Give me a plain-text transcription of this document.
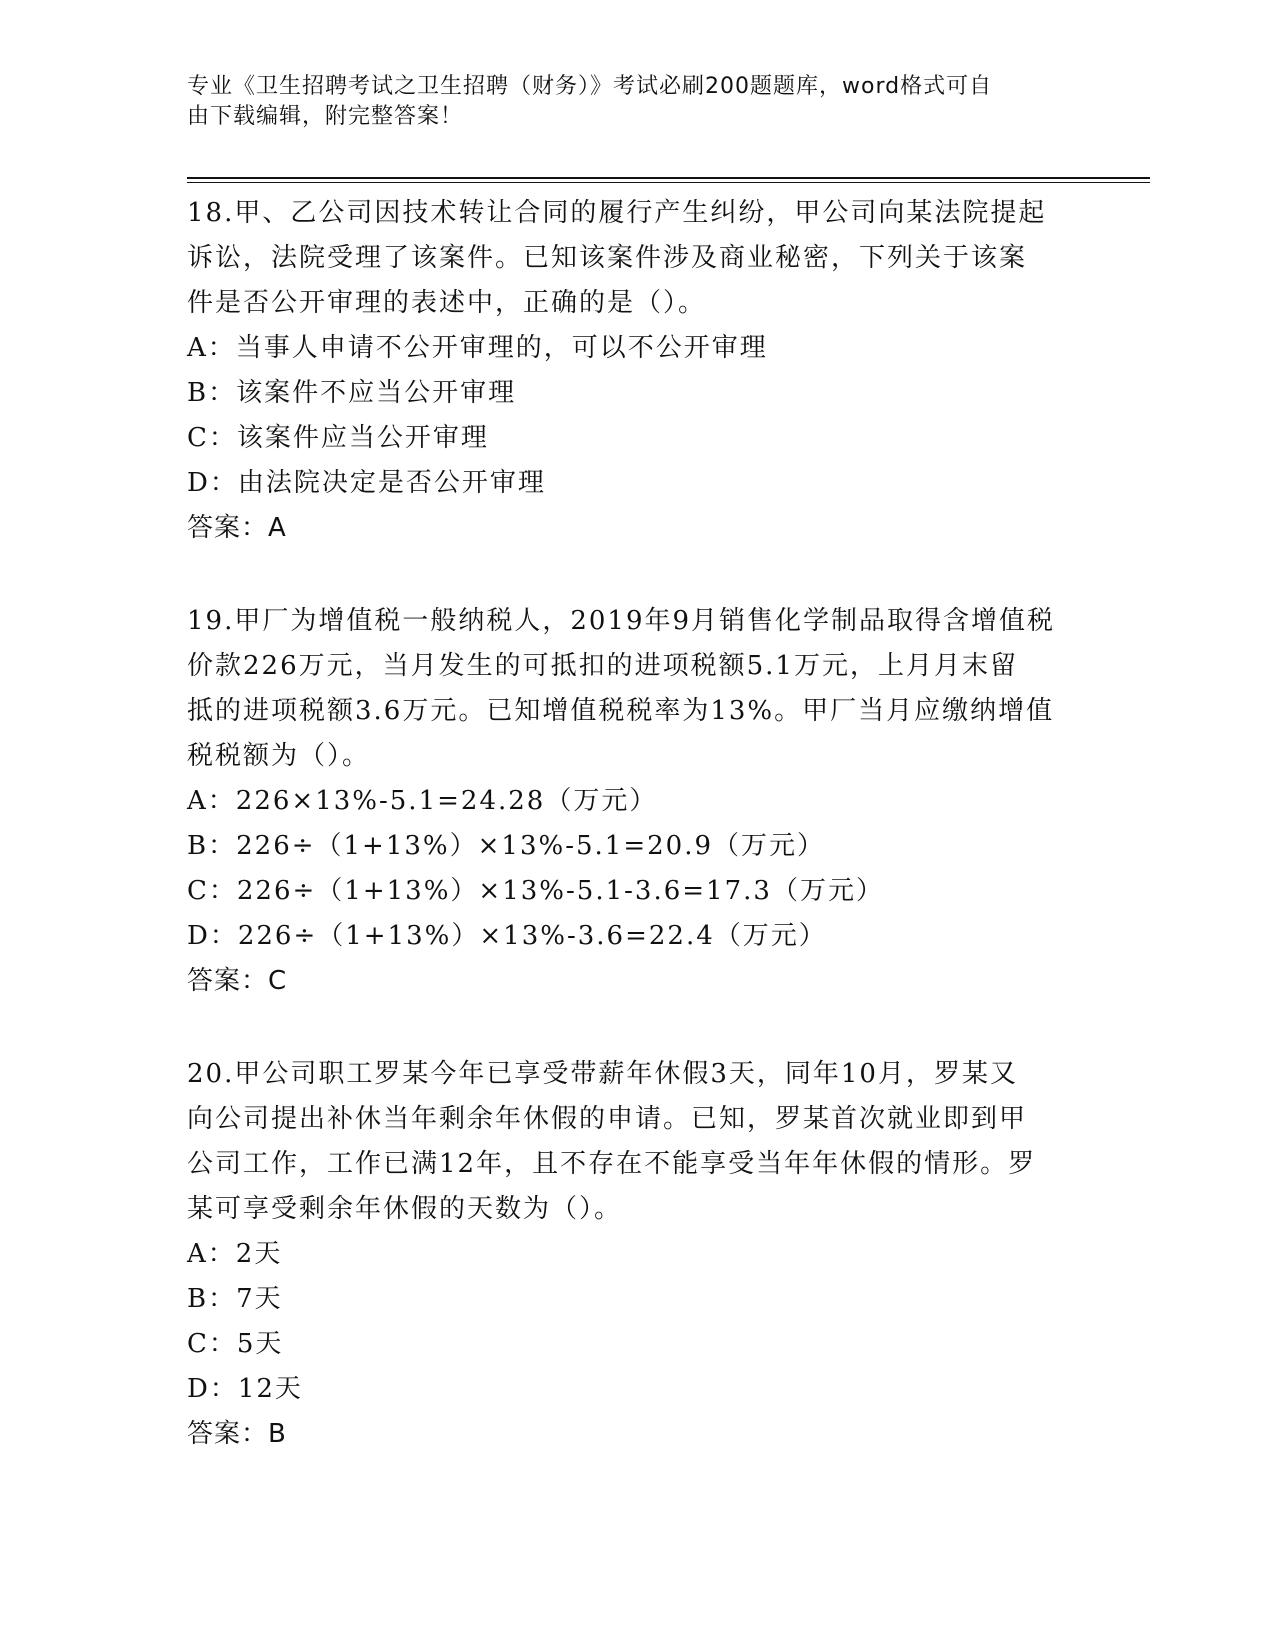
专业《卫生招聘考试之卫生招聘（财务）》考试必刷200题题库，word格式可自
由下载编辑，附完整答案！

18.甲、乙公司因技术转让合同的履行产生纠纷，甲公司向某法院提起
诉讼，法院受理了该案件。已知该案件涉及商业秘密，下列关于该案
件是否公开审理的表述中，正确的是（）。

A：当事人申请不公开审理的，可以不公开审理

B：该案件不应当公开审理

C：该案件应当公开审理

D：由法院决定是否公开审理

答案：A

19.甲厂为增值税一般纳税人，2019年9月销售化学制品取得含增值税
价款226万元，当月发生的可抵扣的进项税额5.1万元，上月月末留
抵的进项税额3.6万元。已知增值税税率为13%。甲厂当月应缴纳增值
税税额为（）。

A：226×13%-5.1=24.28（万元）

B：226÷（1+13%）×13%-5.1=20.9（万元）

C：226÷（1+13%）×13%-5.1-3.6=17.3（万元）

D：226÷（1+13%）×13%-3.6=22.4（万元）

答案：C

20.甲公司职工罗某今年已享受带薪年休假3天，同年10月，罗某又
向公司提出补休当年剩余年休假的申请。已知，罗某首次就业即到甲
公司工作，工作已满12年，且不存在不能享受当年年休假的情形。罗
某可享受剩余年休假的天数为（）。

A：2天

B：7天

C：5天

D：12天

答案：B
